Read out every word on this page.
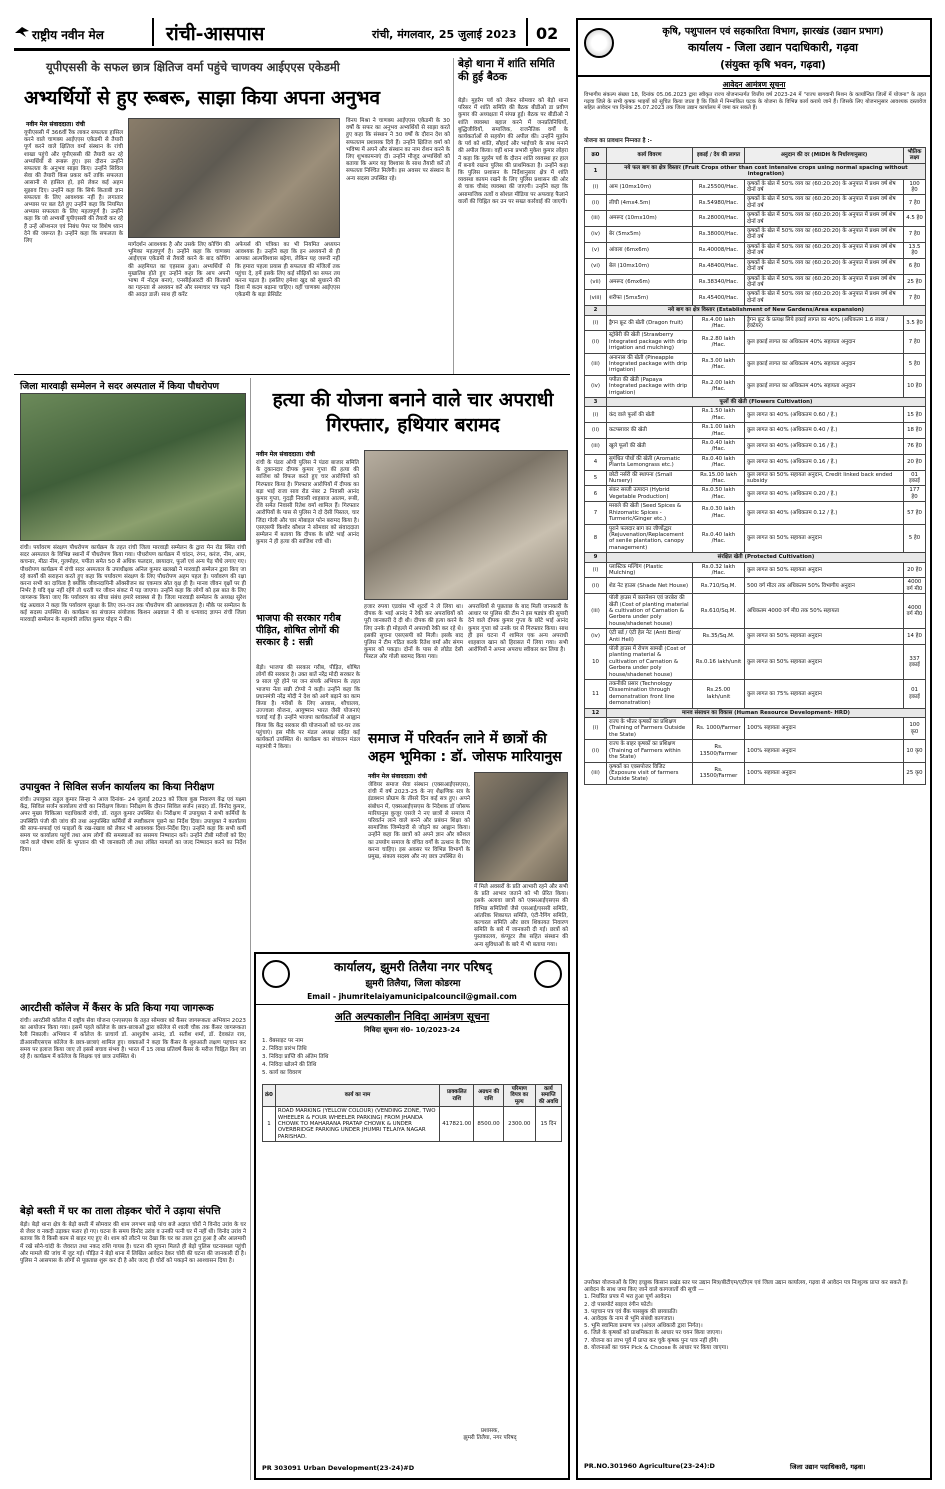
राष्ट्रीय नवीन मेल	रांची-आसपास	रांची, मंगलवार, 25 जुलाई 2023 02
यूपीएससी के सफल छात्र क्षितिज वर्मा पहुंचे चाणक्य आईएएस एकेडमी
अभ्यर्थियों से हुए रूबरू, साझा किया अपना अनुभव
नवीन मेल संवाददाता। रांची
यूपीएससी में 366वीं रैंक लाकर सफलता हासिल करने वाले चाणक्य आईएएस एकेडमी से तैयारी पूर्ण करने वाले क्षितिज वर्मा संस्थान के रांची शाखा पहुंचे और यूपीएससी की तैयारी कर रहे अभ्यर्थियों से रूबरू हुए। इस दौरान उन्होंने सफलता के अनुभव साझा किए। उन्होंने सिविल सेवा की तैयारी किस प्रकार करें ताकि सफलता आसानी से हासिल हो, इसे लेकर कई अहम सुझाव दिए। उन्होंने कहा कि सिर्फ किताबी ज्ञान सफलता के लिए आवश्यक नहीं है। लगातार अभ्यास पर बल देते हुए उन्होंने कहा कि नियमित अभ्यास सफलता के लिए महत्वपूर्ण है। उन्होंने कहा कि जो अभ्यर्थी यूपीएससी की तैयारी कर रहे हैं उन्हें ऑप्शनल एवं निबंध पेपर पर विशेष ध्यान देने की जरूरत है। उन्होंने कहा कि सफलता के लिए
मार्गदर्शन आवश्यक है और उसके लिए कोचिंग की भूमिका महत्वपूर्ण है। उन्होंने कहा कि चाणक्य आईएएस एकेडमी से तैयारी करने के बाद कोचिंग की अहमियत का एहसास हुआ। अभ्यर्थियों से मुखातिब होते हुए उन्होंने कहा कि आप अपनी भाषा में नोट्स बनाएं, एनसीईआरटी की किताबों का गहनता से अध्ययन करें और समाचार पत्र पढ़ने की आदत डालें। साथ ही करेंट
अफेयर्स की पत्रिका का भी नियमित अध्ययन आवश्यक है। उन्होंने कहा कि इन अध्ययनों से ही आपका आत्मविश्वास बढ़ेगा, लेकिन यह जरूरी नहीं कि हमारा पहला प्रयास ही सफलता की मंजिलों तक पहुंचा दे, हमें इसके लिए कई सीढ़ियों का सफर तय करना पड़ता है। इसलिए हमेशा खुद को सुधारने की दिशा में कदम बढ़ाना चाहिए। वहीं चाणक्य आईएएस एकेडमी के बड़ा प्रेसिडेंट
विनय मिश्रा ने चाणक्य आईएएस एकेडमी के 30 वर्षों के सफर का अनुभव अभ्यर्थियों से साझा करते हुए कहा कि संस्थान ने 30 वर्षों के दौरान देश को सफलतम प्रशासक दिये हैं। उन्होंने क्षितिज वर्मा को भविष्य में अपने और संस्थान का नाम रोशन करने के लिए शुभकामनाएं दीं। उन्होंने मौजूद अभ्यर्थियों को बताया कि अगर यह विश्वास के साथ तैयारी करें तो सफलता निश्चित मिलेगी। इस अवसर पर संस्थान के अन्य सदस्य उपस्थित रहे।
बेड़ो थाना में शांति समिति की हुई बैठक
बेड़ो। मुहर्रम पर्व को लेकर सोमवार को बेड़ो थाना परिसर में शांति समिति की बैठक बीडीओ डा प्रवीण कुमार की अध्यक्षता में संपन्न हुई। बैठक पर बीडीओ ने शांति व्यवस्था बहाल करने में जनप्रतिनिधियों, बुद्धिजीवियों, समाजिक, राजनैतिक वर्गों के कार्यकर्ताओं से सहयोग की अपील की। उन्होंने मुहर्रम के पर्व को शांति, सौहार्द और भाईचारे के साथ मनाने की अपील किया। वहीं थाना प्रभारी मुकेश कुमार लोहरा ने कहा कि मुहर्रम पर्व के दौरान शांति व्यवस्था हर हाल में बनाये रखना पुलिस की प्राथमिकता है। उन्होंने कहा कि पुलिस प्रशासन के निर्देशानुसार क्षेत्र में शांति व्यवस्था कायम रखने के लिए पुलिस प्रशासन की ओर से चाक चौबंद व्यवस्था की जाएगी। उन्होंने कहा कि असामाजिक तत्वों व सोशल मीडिया पर अफवाह फैलाने वालों की चिह्नित कर उन पर सख्त कार्रवाई की जाएगी।
जिला मारवाड़ी सम्मेलन ने सदर अस्पताल में किया पौधरोपण
रांची। पर्यावरण संरक्षण पौधरोपण कार्यक्रम के तहत रांची जिला मारवाड़ी सम्मेलन के द्वारा मेन रोड स्थित रांची सदर अस्पताल के विभिन्न स्थानों में पौधरोपण किया गया। पौधरोपण कार्यक्रम में चांदन, रंगन, करंज, नीम, आम, कचनार, मीठा नीम, गुलमोहर, पपीता समेत 50 से अधिक फलदार, छायादार, फूलों एवं अन्य पेड़ पौधे लगाए गए। पौधरोपण कार्यक्रम में रांची सदर अस्पताल के उपाधीक्षक अनिल कुमार खलखो ने मारवाड़ी सम्मेलन द्वारा किए जा रहे कार्यों की सराहना करते हुए कहा कि पर्यावरण संरक्षण के लिए पौधरोपण अहम पहल है। पर्यावरण की रक्षा करना सभी का दायित्व है क्योंकि जीवनदायिनी ऑक्सीजन का एकमात्र स्रोत वृक्ष ही है। मानव जीवन वृक्षों पर ही निर्भर है यदि वृक्ष नहीं रहेंगे तो धरती पर जीवन संकट में पड़ जाएगा। उन्होंने कहा कि लोगों को इस बात के लिए जागरूक किया जाए कि पर्यावरण का सीधा संबंध हमारे स्वास्थ्य से है। जिला मारवाड़ी सम्मेलन के अध्यक्ष सुरेश चंद्र अग्रवाल ने कहा कि पर्यावरण सुरक्षा के लिए जन-जन तक पौधरोपण की आवश्यकता है। मौके पर सम्मेलन के कई सदस्य उपस्थित थे। कार्यक्रम का संचालन संयोजक किशन अग्रवाल ने की व धन्यवाद ज्ञापन रांची जिला मारवाड़ी सम्मेलन के महामंत्री ललित कुमार पोद्दार ने की।
उपायुक्त ने सिविल सर्जन कार्यालय का किया निरीक्षण
रांची। उपायुक्त राहुल कुमार सिन्हा ने आज दिनांक- 24 जुलाई 2023 को जिला कुष्ठ निवारण केंद्र एवं यक्ष्मा केंद्र, सिविल सर्जन कार्यालय रांची का निरीक्षण किया। निरीक्षण के दौरान सिविल सर्जन (सदर) डॉ. विनोद कुमार, अपर मुख्य चिकित्सा पदाधिकारी रांची, डॉ. राहुल कुमार उपस्थित थे। निरीक्षण में उपायुक्त ने सभी कर्मियों के उपस्थिति पंजी की जांच की तथा अनुपस्थित कर्मियों से स्पष्टीकरण पूछने का निर्देश दिया। उपायुक्त ने कार्यालय की साफ-सफाई एवं फाइलों के रख-रखाव को लेकर भी आवश्यक दिशा-निर्देश दिए। उन्होंने कहा कि सभी कर्मी समय पर कार्यालय पहुंचें तथा आम लोगों की समस्याओं का ससमय निष्पादन करें। उन्होंने टीबी मरीजों को दिए जाने वाले पोषण राशि के भुगतान की भी जानकारी ली तथा लंबित मामलों का जल्द निष्पादन करने का निर्देश दिया।
आरटीसी कॉलेज में कैंसर के प्रति किया गया जागरूक
रांची। आरटीसी कॉलेज में राष्ट्रीय सेवा योजना एनएसएस के तहत सोमवार को कैंसर जागरूकता अभियान 2023 का आयोजन किया गया। इसमें पहले कॉलेज के छात्र-छात्राओं द्वारा कॉलेज से शाली चौक तक कैंसर जागरूकता रैली निकाली। अभियान में कॉलेज के प्राचार्य डॉ. आशुतोष आनंद, डॉ. सतीश शर्मा, डॉ. देवकांत राय, डीआरसीएसएस कॉलेज के छात्र-छात्राएं शामिल हुए। वक्ताओं ने कहा कि कैंसर के शुरुआती लक्षण पहचान कर समय पर इलाज किया जाए तो इससे बचाव संभव है। भारत में 15 लाख प्रतिवर्ष कैंसर के मरीज चिह्नित किए जा रहे हैं। कार्यक्रम में कॉलेज के शिक्षक एवं छात्र उपस्थित थे।
बेड़ो बस्ती में घर का ताला तोड़कर चोरों ने उड़ाया संपत्ति
बेड़ो। बेड़ो थाना क्षेत्र के बेड़ो बस्ती में सोमवार की शाम लगभग साढ़े पांच बजे अज्ञात चोरों ने विनोद उरांव के घर से जेवर व नकदी उड़ाकर फरार हो गए। घटना के समय विनोद उरांव व उनकी पत्नी घर में नहीं थी। विनोद उरांव ने बताया कि वे किसी काम से बाहर गए हुए थे। शाम को लौटने पर देखा कि घर का ताला टूटा हुआ है और आलमारी में रखे सोने-चांदी के जेवरात तथा नकद राशि गायब है। घटना की सूचना मिलते ही बेड़ो पुलिस घटनास्थल पहुंची और मामले की जांच में जुट गई। पीड़ित ने बेड़ो थाना में लिखित आवेदन देकर चोरी की घटना की जानकारी दी है। पुलिस ने आसपास के लोगों से पूछताछ शुरू कर दी है और जल्द ही चोरों को पकड़ने का आश्वासन दिया है।
हत्या की योजना बनाने वाले चार अपराधी गिरफ्तार, हथियार बरामद
नवीन मेल संवाददाता। रांची
रांची के पंडरा ओपी पुलिस ने पंडरा बाजार समिति के दुकानदार दीपक कुमार गुप्ता की हत्या की साजिश को विफल करते हुए चार आरोपियों को गिरफ्तार किया है। गिरफ्तार आरोपियों में दीपक का बड़ा भाई राजा साव रोड नंबर 2 निवासी आनंद कुमार गुप्ता, गुदड़ी निवासी शाहबाज आलम, रूबी, रवि समेत निवासी रितेश वर्मा शामिल हैं। गिरफ्तार आरोपियों के पास से पुलिस ने दो देसी पिस्तल, चार जिंदा गोली और चार मोबाइल फोन बरामद किया है। एसएसपी किशोर कौशल ने सोमवार को संवाददाता सम्मेलन में बताया कि दीपक के छोटे भाई आनंद कुमार ने ही हत्या की साजिश रची थी।
हजार रुपया एडवांस भी शूटरों ने ले लिया था। दीपक के भाई आनंद ने रेकी कर अपराधियों को पूरी जानकारी दे दी थी। दीपक की हत्या करने के लिए उनके ही मोहल्ले में अपराधी रेकी कर रहे थे। इसकी सूचना एसएसपी को मिली। इसके बाद पुलिस ने टीम गठित करके रितेश वर्मा और संगम कुमार को पकड़ा। दोनों के पास से लोडेड देसी पिस्टल और गोली बरामद किया गया।
अपराधियों से पूछताछ के बाद मिली जानकारी के आधार पर पुलिस की टीम ने इस षड्यंत्र की सुपारी देने वाले दीपक कुमार गुप्ता के छोटे भाई आनंद कुमार गुप्ता को उनके घर से गिरफ्तार किया। साथ ही इस घटना में शामिल एक अन्य अपराधी शाहबाज खान को हिरासत में लिया गया। सभी आरोपियों ने अपना अपराध स्वीकार कर लिया है।
भाजपा की सरकार गरीब पीड़ित, शोषित लोगों की सरकार है : सन्नी
बेड़ो। भाजपा की सरकार गरीब, पीड़ित, शोषित लोगों की सरकार है। उक्त बातें नरेंद्र मोदी सरकार के 9 साल पूरे होने पर जन संपर्क अभियान के तहत भाजपा नेता सन्नी टोप्पो ने कही। उन्होंने कहा कि प्रधानमंत्री नरेंद्र मोदी ने देश को आगे बढ़ाने का काम किया है। गरीबों के लिए आवास, शौचालय, उज्ज्वला योजना, आयुष्मान भारत जैसी योजनाएं चलाई गई हैं। उन्होंने भाजपा कार्यकर्ताओं से आह्वान किया कि केंद्र सरकार की योजनाओं को घर-घर तक पहुंचाएं। इस मौके पर मंडल अध्यक्ष सहित कई कार्यकर्ता उपस्थित थे। कार्यक्रम का संचालन मंडल महामंत्री ने किया।
समाज में परिवर्तन लाने में छात्रों की अहम भूमिका : डॉ. जोसफ मारियानुस
नवीन मेल संवाददाता। रांची
जेवियर समाज सेवा संस्थान (एक्सआईएसएस), रांची में वर्ष 2023-25 के नए शैक्षणिक सत्र के इंडक्शन प्रोग्राम के तीसरे दिन कई सत्र हुए। अपने संबोधन में, एक्सआईएसएस के निदेशक डॉ जोसफ मारियानुस कुजूर एसजे ने नए छात्रों से समाज में परिवर्तन लाने वाले बनने और प्रबंधन शिक्षा को सामाजिक जिम्मेदारी से जोड़ने का आह्वान किया। उन्होंने कहा कि छात्रों को अपने ज्ञान और कौशल का उपयोग समाज के वंचित वर्गों के उत्थान के लिए करना चाहिए। इस अवसर पर विभिन्न विभागों के प्रमुख, संकाय सदस्य और नए छात्र उपस्थित थे।
में मिले अवसरों के प्रति आभारी रहने और सभी के प्रति आभार जताने को भी प्रेरित किया। इसके अलावा छात्रों को एक्सआईएसएस की विभिन्न समितियों जैसे एसआई/एससी समिति, आंतरिक शिकायत समिति, एंटी-रैगिंग समिति, कल्चरल समिति और छात्र शिकायत निवारण समिति के बारे में जानकारी दी गई। छात्रों को पुस्तकालय, कंप्यूटर लैब सहित संस्थान की अन्य सुविधाओं के बारे में भी बताया गया।
कार्यालय, झुमरी तिलैया नगर परिषद्
झुमरी तिलैया, जिला कोडरमा
Email - jhumritelaiyamunicipalcouncil@gmail.com
अति अल्पकालीन निविदा आमंत्रण सूचना
निविदा सूचना सं0- 10/2023-24
1. वेबसाइट पर नाम
2. निविदा प्रारंभ तिथि
3. निविदा प्राप्ति की अंतिम तिथि
4. निविदा खोलने की तिथि
5. कार्य का विवरण
क्रं0	कार्य का नाम	प्राक्कलित राशि	अग्रधन की राशि	परिमाण विपत्र का मूल्य	कार्य समाप्ति की अवधि
1	ROAD MARKING (YELLOW COLOUR) (VENDING ZONE, TWO WHEELER & FOUR WHEELER PARKING) FROM JHANDA CHOWK TO MAHARANA PRATAP CHOWK & UNDER OVERBRIDGE PARKING UNDER JHUMRI TELAIYA NAGAR PARISHAD.	417821.00	8500.00	2300.00	15 दिन
प्रशासक,
झुमरी तिलैया, नगर परिषद्
PR 303091 Urban Development(23-24)#D
कृषि, पशुपालन एवं सहकारिता विभाग, झारखंड (उद्यान प्रभाग)
कार्यालय - जिला उद्यान पदाधिकारी, गढ़वा
(संयुक्त कृषि भवन, गढ़वा)
आवेदन आमंत्रण सूचना
विभागीय संकल्प संख्या 18, दिनांक 05.06.2023 द्वारा स्वीकृत राज्य योजनान्तर्गत वित्तीय वर्ष 2023-24 में "राज्य बागवानी मिशन के कार्यान्वित जिलों में योजना" के तहत गढ़वा जिले के सभी कृषक भाइयों को सूचित किया जाता है कि जिले में निम्नांकित घटक के योजना के विभिन्न कार्य कराये जाने हैं। जिसके लिए योजनानुसार आवश्यक दस्तावेज सहित आवेदन पत्र दिनांक 25.07.2023 तक जिला उद्यान कार्यालय में जमा कर सकते हैं।
योजना का प्रावधान निम्नवत है :-
क्र0	कार्य विवरण	इकाई / देय की लागत	अनुदान की दर (MIDH के निर्धारणानुसार)	भौतिक लक्ष्य
1	नये फल बाग का क्षेत्र विस्तार (Fruit Crops other than cost intensive crops using normal spacing without integration)			
(i)	आम (10mx10m)	Rs.25500/Hac.	कृषकों के खेत में 50% व्यय का (60:20:20) के अनुपात में प्रथम वर्ष शेष दोनों वर्ष	100 हे0
(ii)	लीची (4mx4.5m)	Rs.54980/Hac.	कृषकों के खेत में 50% व्यय का (60:20:20) के अनुपात में प्रथम वर्ष शेष दोनों वर्ष	7 हे0
(iii)	अमरूद (10mx10m)	Rs.28000/Hac.	कृषकों के खेत में 50% व्यय का (60:20:20) के अनुपात में प्रथम वर्ष शेष दोनों वर्ष	4.5 हे0
(iv)	बेर (5mx5m)	Rs.38000/Hac.	कृषकों के खेत में 50% व्यय का (60:20:20) के अनुपात में प्रथम वर्ष शेष दोनों वर्ष	7 हे0
(v)	आंवला (6mx6m)	Rs.40008/Hac.	कृषकों के खेत में 50% व्यय का (60:20:20) के अनुपात में प्रथम वर्ष शेष दोनों वर्ष	13.5 हे0
(vi)	बेल (10mx10m)	Rs.48400/Hac.	कृषकों के खेत में 50% व्यय का (60:20:20) के अनुपात में प्रथम वर्ष शेष दोनों वर्ष	6 हे0
(vii)	अमरूद (6mx6m)	Rs.38340/Hac.	कृषकों के खेत में 50% व्यय का (60:20:20) के अनुपात में प्रथम वर्ष शेष दोनों वर्ष	25 हे0
(viii)	शरीफा (5mx5m)	Rs.45400/Hac.	कृषकों के खेत में 50% व्यय का (60:20:20) के अनुपात में प्रथम वर्ष शेष दोनों वर्ष	7 हे0
2	नये बाग का क्षेत्र विस्तार (Establishment of New Gardens/Area expansion)			
(i)	ड्रैगन फ्रूट की खेती (Dragon fruit)	Rs.4.00 lakh /Hac.	ड्रैगन फ्रूट के प्रत्यक्ष लिये इकाई लागत का 40% (अधिकतम 1.6 लाख / हेक्टेयर)	3.5 हे0
(ii)	स्ट्रॉबेरी की खेती (Strawberry Integrated package with drip irrigation and mulching)	Rs.2.80 lakh /Hac.	कुल इकाई लागत का अधिकतम 40% सहायता अनुदान	7 हे0
(iii)	अनानास की खेती (Pineapple Integrated package with drip irrigation)	Rs.3.00 lakh /Hac.	कुल इकाई लागत का अधिकतम 40% सहायता अनुदान	5 हे0
(iv)	पपीता की खेती (Papaya Integrated package with drip irrigation)	Rs.2.00 lakh /Hac.	कुल इकाई लागत का अधिकतम 40% सहायता अनुदान	10 हे0
3	फूलों की खेती (Flowers Cultivation)			
(i)	कंद वाले फूलों की खेती	Rs.1.50 lakh /Hac.	कुल लागत का 40% (अधिकतम 0.60 / हे.)	15 हे0
(ii)	कटफ्लावर की खेती	Rs.1.00 lakh /Hac.	कुल लागत का 40% (अधिकतम 0.40 / हे.)	18 हे0
(iii)	खुले फूलों की खेती	Rs.0.40 lakh /Hac.	कुल लागत का 40% (अधिकतम 0.16 / हे.)	76 हे0
4	सुगंधित पौधों की खेती (Aromatic Plants Lemongrass etc.)	Rs.0.40 lakh /Hac.	कुल लागत का 40% (अधिकतम 0.16 / हे.)	20 हे0
5	छोटी नर्सरी की स्थापना (Small Nursery)	Rs.15.00 lakh /Hac.	कुल लागत का 50% सहायता अनुदान, Credit linked back ended subsidy	01 इकाई
6	संकर सब्जी उत्पादन (Hybrid Vegetable Production)	Rs.0.50 lakh /Hac.	कुल लागत का 40% (अधिकतम 0.20 / हे.)	177 हे0
7	मसाले की खेती (Seed Spices & Rhizomatic Spices - Turmeric/Ginger etc.)	Rs.0.30 lakh /Hac.	कुल लागत का 40% (अधिकतम 0.12 / हे.)	57 हे0
8	पुराने फलदार बाग का जीर्णोद्धार (Rejuvenation/Replacement of senile plantation, canopy management)	Rs.0.40 lakh /Hac.	कुल लागत का 50% सहायता अनुदान	5 हे0
9	संरक्षित खेती (Protected Cultivation)			
(i)	प्लास्टिक मल्चिंग (Plastic Mulching)	Rs.0.32 lakh /Hac.	कुल लागत का 50% सहायता अनुदान	20 हे0
(ii)	शेड नेट हाउस (Shade Net House)	Rs.710/Sq.M.	500 वर्ग मीटर तक अधिकतम 50% विभागीय अनुदान	4000 वर्ग मी0
(iii)	पॉली हाउस में कारनेशन एवं जरबेरा की खेती (Cost of planting material & cultivation of Carnation & Gerbera under poly house/shadenet house)	Rs.610/Sq.M.	अधिकतम 4000 वर्ग मी0 तक 50% सहायता	4000 वर्ग मी0
(iv)	एंटी बर्ड / एंटी हेल नेट (Anti Bird/ Anti Hell)	Rs.35/Sq.M.	कुल लागत का 50% सहायता अनुदान	14 हे0
10	पॉली हाउस में रोपण सामग्री (Cost of planting material & cultivation of Carnation & Gerbera under poly house/shadenet house)	Rs.0.16 lakh/unit	कुल लागत का 50% सहायता अनुदान	337 इकाई
11	तकनीकी प्रसार (Technology Dissemination through demonstration front line demonstration)	Rs.25.00 lakh/unit	कुल लागत का 75% सहायता अनुदान	01 इकाई
12	मानव संसाधन का विकास (Human Resource Development- HRD)			
(i)	राज्य के भीतर कृषकों का प्रशिक्षण (Training of Farmers Outside the State)	Rs. 1000/Farmer	100% सहायता अनुदान	100 कृ0
(ii)	राज्य के बाहर कृषकों का प्रशिक्षण (Training of Farmers within the State)	Rs. 13500/Farmer	100% सहायता अनुदान	10 कृ0
(iii)	कृषकों का एक्सपोजर विजिट (Exposure visit of farmers Outside State)	Rs. 13500/Farmer	100% सहायता अनुदान	25 कृ0
उपरोक्त योजनाओं के लिए इच्छुक किसान प्रखंड स्तर पर उद्यान मित्र/बीटीएम/एटीएम एवं जिला उद्यान कार्यालय, गढ़वा से आवेदन पत्र निःशुल्क प्राप्त कर सकते हैं।
आवेदन के साथ जमा किए जाने वाले कागजातों की सूची —
1. निर्धारित प्रपत्र में भरा हुआ पूर्ण आवेदन।
2. दो पासपोर्ट साइज रंगीन फोटो।
3. पहचान पत्र एवं बैंक पासबुक की छायाप्रति।
4. आवेदक के नाम से भूमि संबंधी कागजात।
5. भूमि स्वामित्व प्रमाण पत्र (अंचल अधिकारी द्वारा निर्गत)।
6. जिले के कृषकों को प्राथमिकता के आधार पर चयन किया जाएगा।
7. योजना का लाभ पूर्व में प्राप्त कर चुके कृषक पुनः पात्र नहीं होंगे।
8. योजनाओं का चयन Pick & Choose के आधार पर किया जाएगा।
PR.NO.301960 Agriculture(23-24):D	जिला उद्यान पदाधिकारी, गढ़वा।
